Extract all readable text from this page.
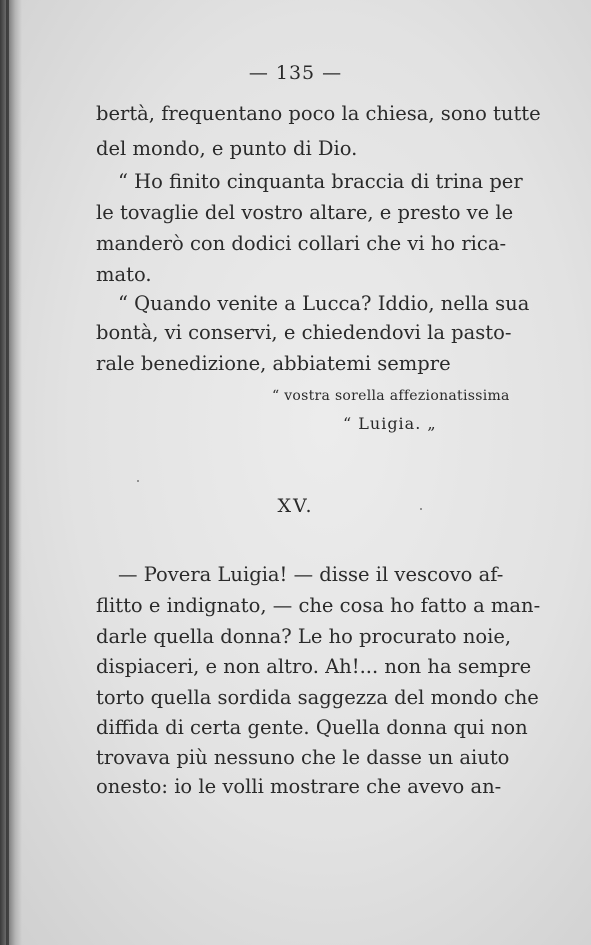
— 135 —
bertà, frequentano poco la chiesa, sono tutte
del mondo, e punto di Dio.
“ Ho finito cinquanta braccia di trina per
le tovaglie del vostro altare, e presto ve le
manderò con dodici collari che vi ho rica-
mato.
“ Quando venite a Lucca? Iddio, nella sua
bontà, vi conservi, e chiedendovi la pasto-
rale benedizione, abbiatemi sempre
“ vostra sorella affezionatissima
“ Luigia. „
XV.
— Povera Luigia! — disse il vescovo af-
flitto e indignato, — che cosa ho fatto a man-
darle quella donna? Le ho procurato noie,
dispiaceri, e non altro. Ah!... non ha sempre
torto quella sordida saggezza del mondo che
diffida di certa gente. Quella donna qui non
trovava più nessuno che le dasse un aiuto
onesto: io le volli mostrare che avevo an-
